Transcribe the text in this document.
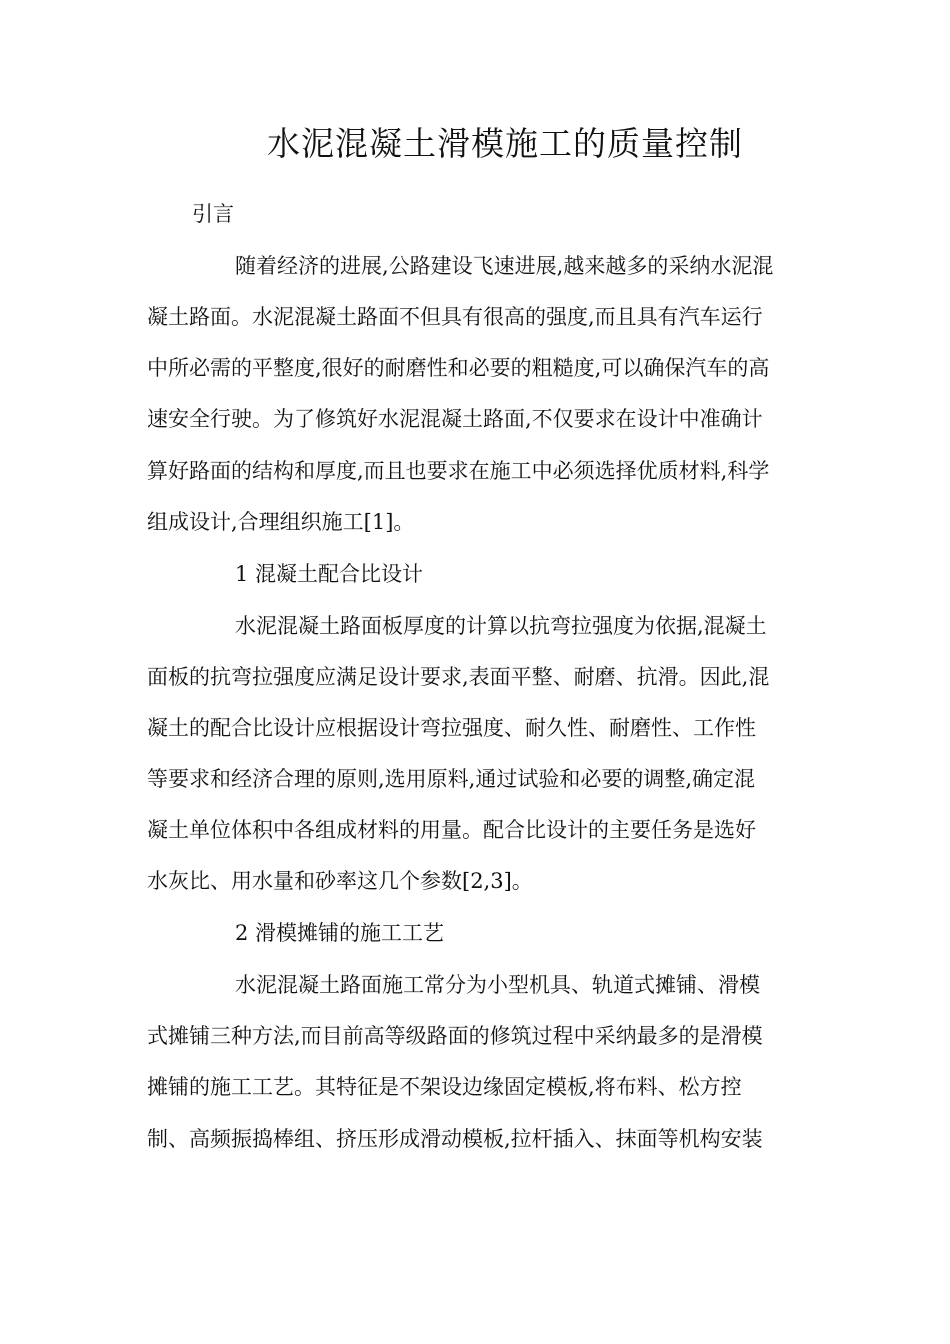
水泥混凝土滑模施工的质量控制
引言
随着经济的进展,公路建设飞速进展,越来越多的采纳水泥混
凝土路面。水泥混凝土路面不但具有很高的强度,而且具有汽车运行
中所必需的平整度,很好的耐磨性和必要的粗糙度,可以确保汽车的高
速安全行驶。为了修筑好水泥混凝土路面,不仅要求在设计中准确计
算好路面的结构和厚度,而且也要求在施工中必须选择优质材料,科学
组成设计,合理组织施工[1]。
1 混凝土配合比设计
水泥混凝土路面板厚度的计算以抗弯拉强度为依据,混凝土
面板的抗弯拉强度应满足设计要求,表面平整、耐磨、抗滑。因此,混
凝土的配合比设计应根据设计弯拉强度、耐久性、耐磨性、工作性
等要求和经济合理的原则,选用原料,通过试验和必要的调整,确定混
凝土单位体积中各组成材料的用量。配合比设计的主要任务是选好
水灰比、用水量和砂率这几个参数[2,3]。
2 滑模摊铺的施工工艺
水泥混凝土路面施工常分为小型机具、轨道式摊铺、滑模
式摊铺三种方法,而目前高等级路面的修筑过程中采纳最多的是滑模
摊铺的施工工艺。其特征是不架设边缘固定模板,将布料、松方控
制、高频振捣棒组、挤压形成滑动模板,拉杆插入、抹面等机构安装
